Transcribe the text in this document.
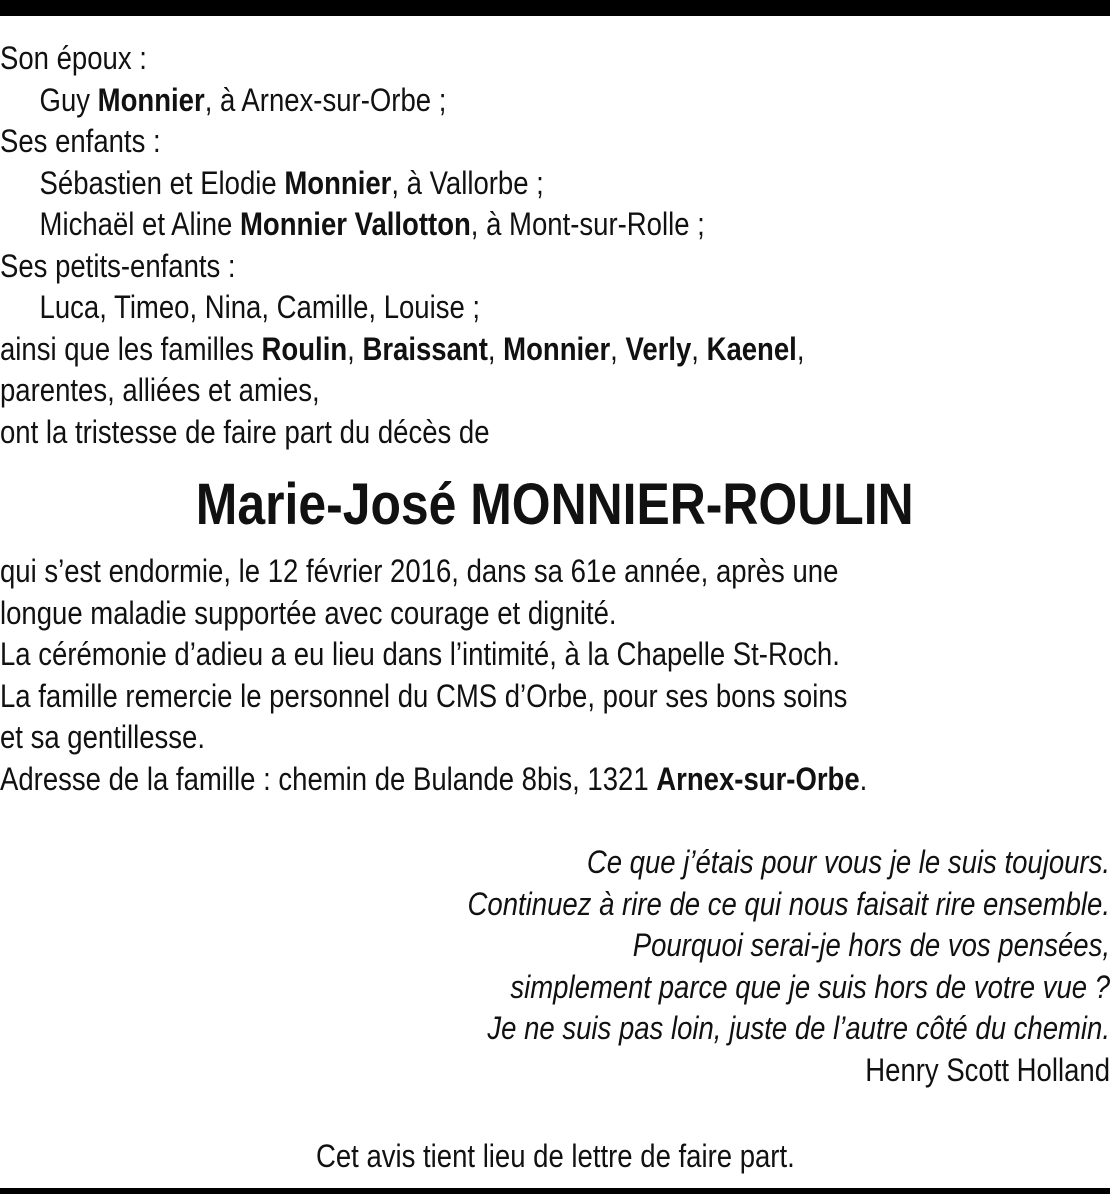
Son époux :
Guy Monnier, à Arnex-sur-Orbe ;
Ses enfants :
Sébastien et Elodie Monnier, à Vallorbe ;
Michaël et Aline Monnier Vallotton, à Mont-sur-Rolle ;
Ses petits-enfants :
Luca, Timeo, Nina, Camille, Louise ;
ainsi que les familles Roulin, Braissant, Monnier, Verly, Kaenel,
parentes, alliées et amies,
ont la tristesse de faire part du décès de
Marie-José MONNIER-ROULIN
qui s’est endormie, le 12 février 2016, dans sa 61e année, après une
longue maladie supportée avec courage et dignité.
La cérémonie d’adieu a eu lieu dans l’intimité, à la Chapelle St-Roch.
La famille remercie le personnel du CMS d’Orbe, pour ses bons soins
et sa gentillesse.
Adresse de la famille : chemin de Bulande 8bis, 1321 Arnex-sur-Orbe.
Ce que j’étais pour vous je le suis toujours.
Continuez à rire de ce qui nous faisait rire ensemble.
Pourquoi serai-je hors de vos pensées,
simplement parce que je suis hors de votre vue ?
Je ne suis pas loin, juste de l’autre côté du chemin.
Henry Scott Holland
Cet avis tient lieu de lettre de faire part.
